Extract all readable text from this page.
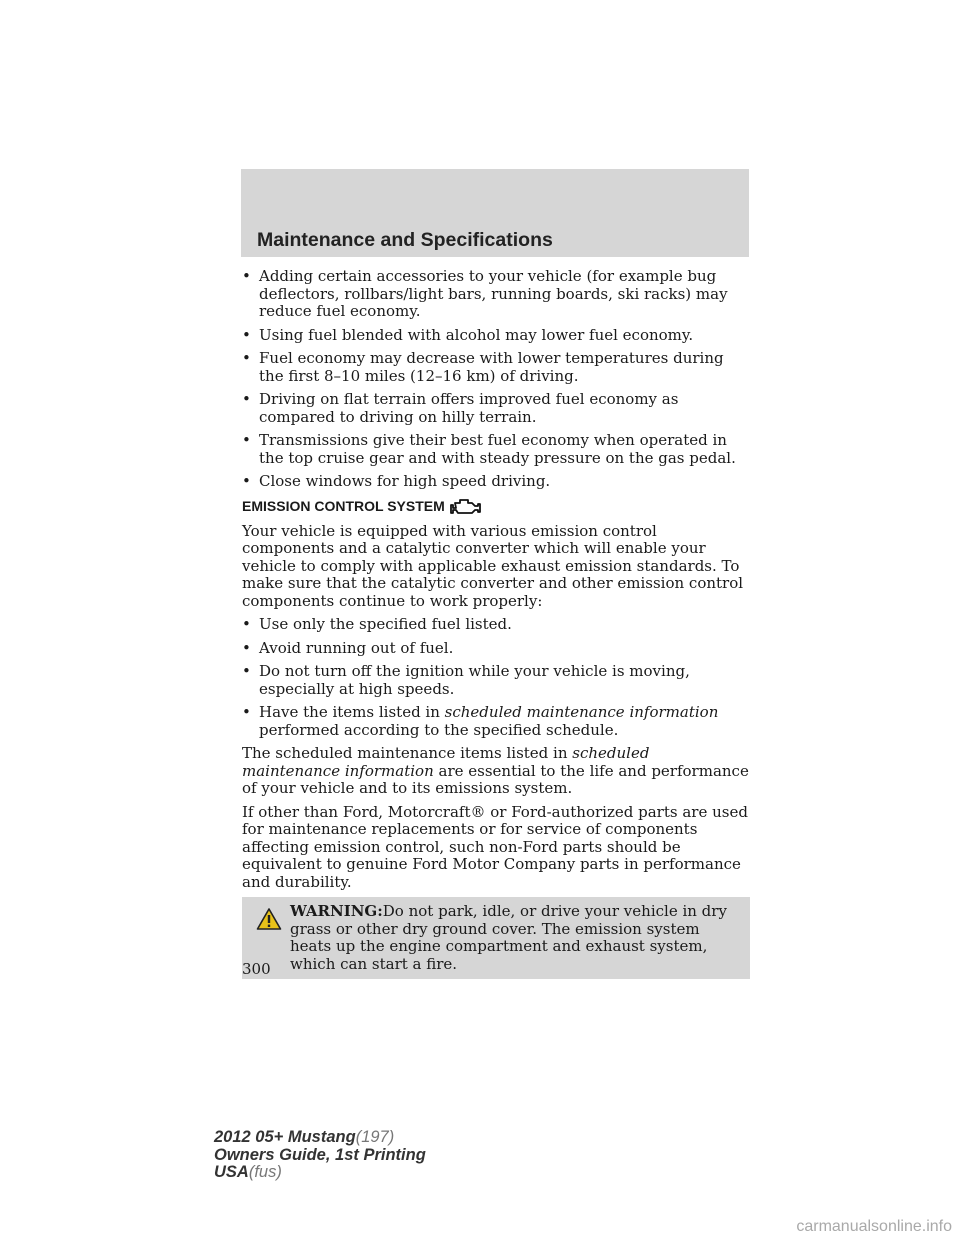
Maintenance and Specifications
• Adding certain accessories to your vehicle (for example bug deflectors, rollbars/light bars, running boards, ski racks) may reduce fuel economy.
• Using fuel blended with alcohol may lower fuel economy.
• Fuel economy may decrease with lower temperatures during the first 8–10 miles (12–16 km) of driving.
• Driving on flat terrain offers improved fuel economy as compared to driving on hilly terrain.
• Transmissions give their best fuel economy when operated in the top cruise gear and with steady pressure on the gas pedal.
• Close windows for high speed driving.
EMISSION CONTROL SYSTEM

Your vehicle is equipped with various emission control components and a catalytic converter which will enable your vehicle to comply with applicable exhaust emission standards. To make sure that the catalytic converter and other emission control components continue to work properly:

• Use only the specified fuel listed.
• Avoid running out of fuel.
• Do not turn off the ignition while your vehicle is moving, especially at high speeds.
• Have the items listed in scheduled maintenance information performed according to the specified schedule.

The scheduled maintenance items listed in scheduled maintenance information are essential to the life and performance of your vehicle and to its emissions system.

If other than Ford, Motorcraft® or Ford-authorized parts are used for maintenance replacements or for service of components affecting emission control, such non-Ford parts should be equivalent to genuine Ford Motor Company parts in performance and durability.

WARNING:Do not park, idle, or drive your vehicle in dry grass or other dry ground cover. The emission system heats up the engine compartment and exhaust system, which can start a fire.
300
2012 05+ Mustang(197)
Owners Guide, 1st Printing
USA(fus)
carmanualsonline.info
